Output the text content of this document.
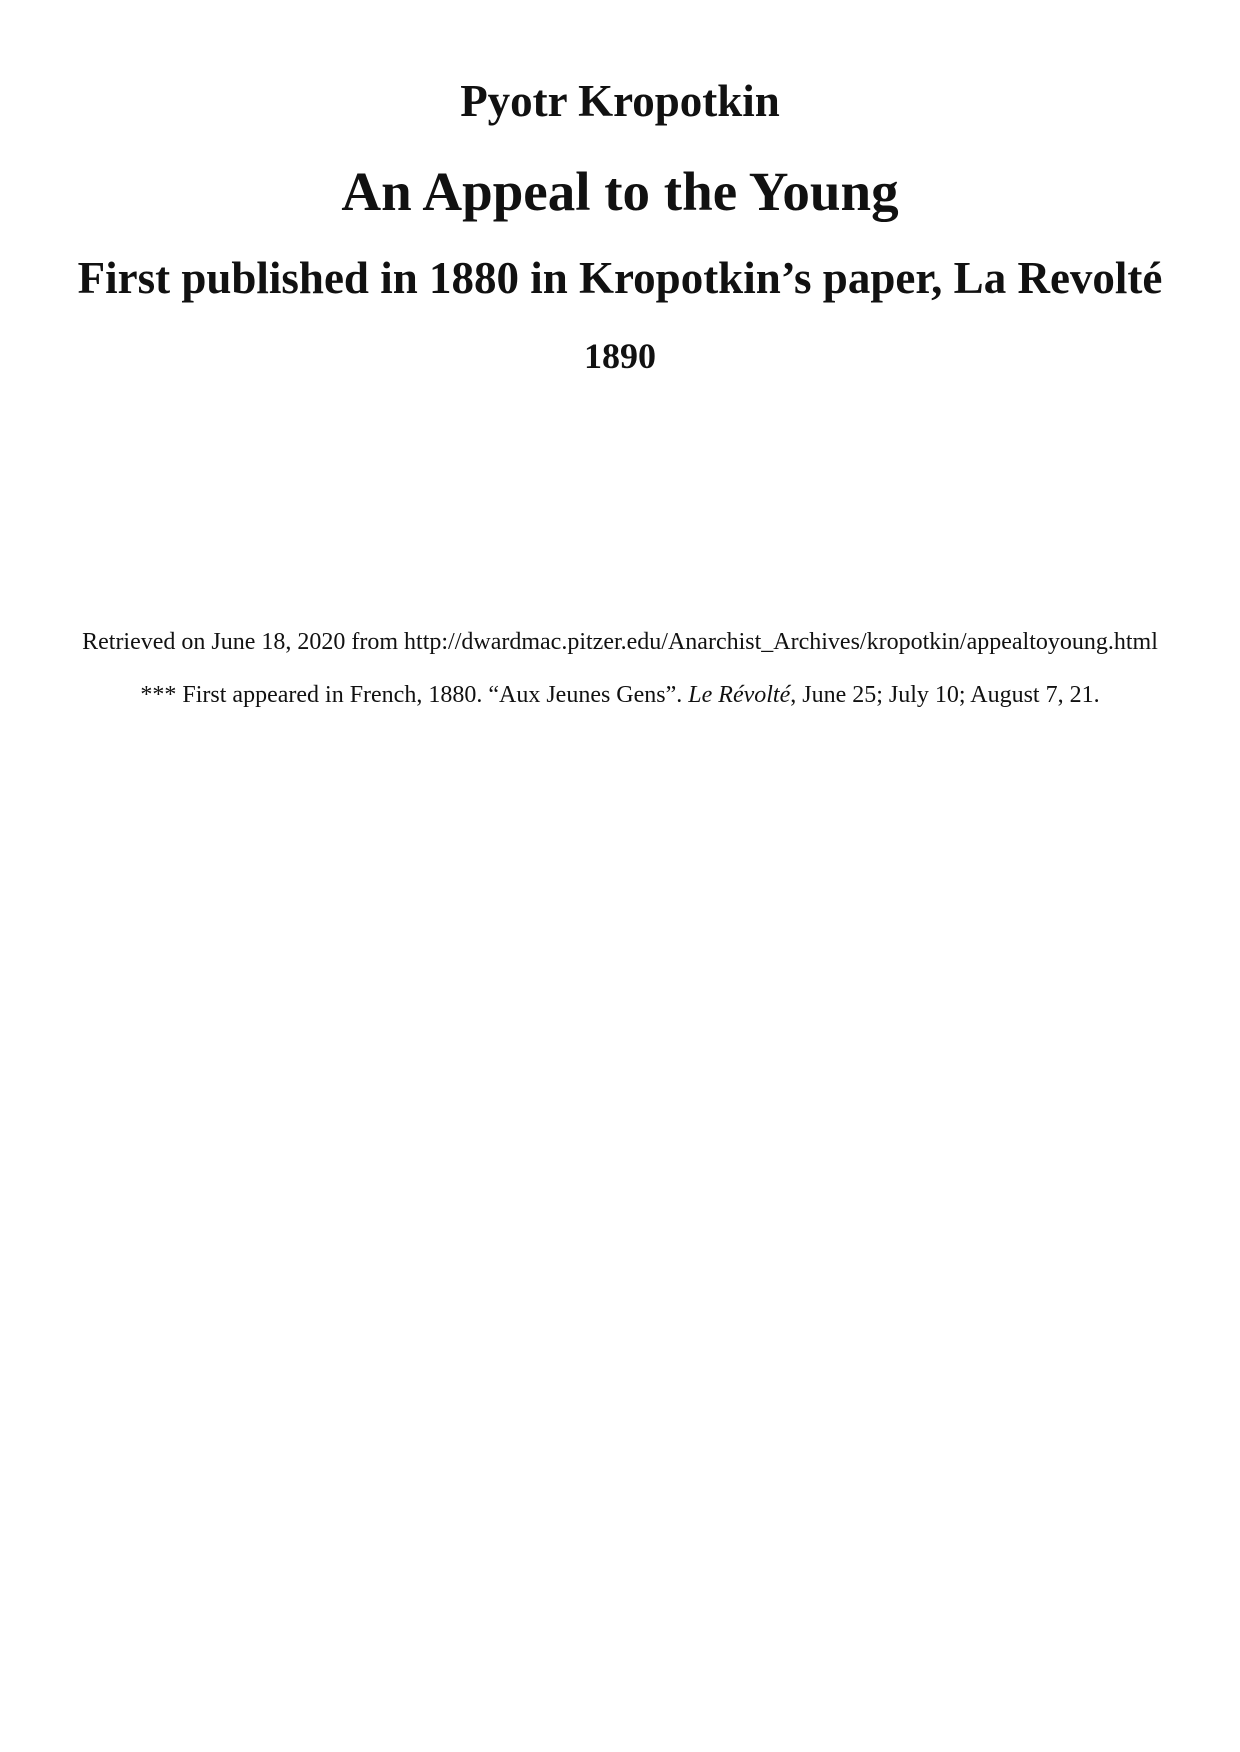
Pyotr Kropotkin
An Appeal to the Young
First published in 1880 in Kropotkin’s paper, La Revolté
1890

Retrieved on June 18, 2020 from http://dwardmac.pitzer.edu/Anarchist_Archives/kropotkin/appealtoyoung.html

*** First appeared in French, 1880. “Aux Jeunes Gens”. Le Révolté, June 25; July 10; August 7, 21.
